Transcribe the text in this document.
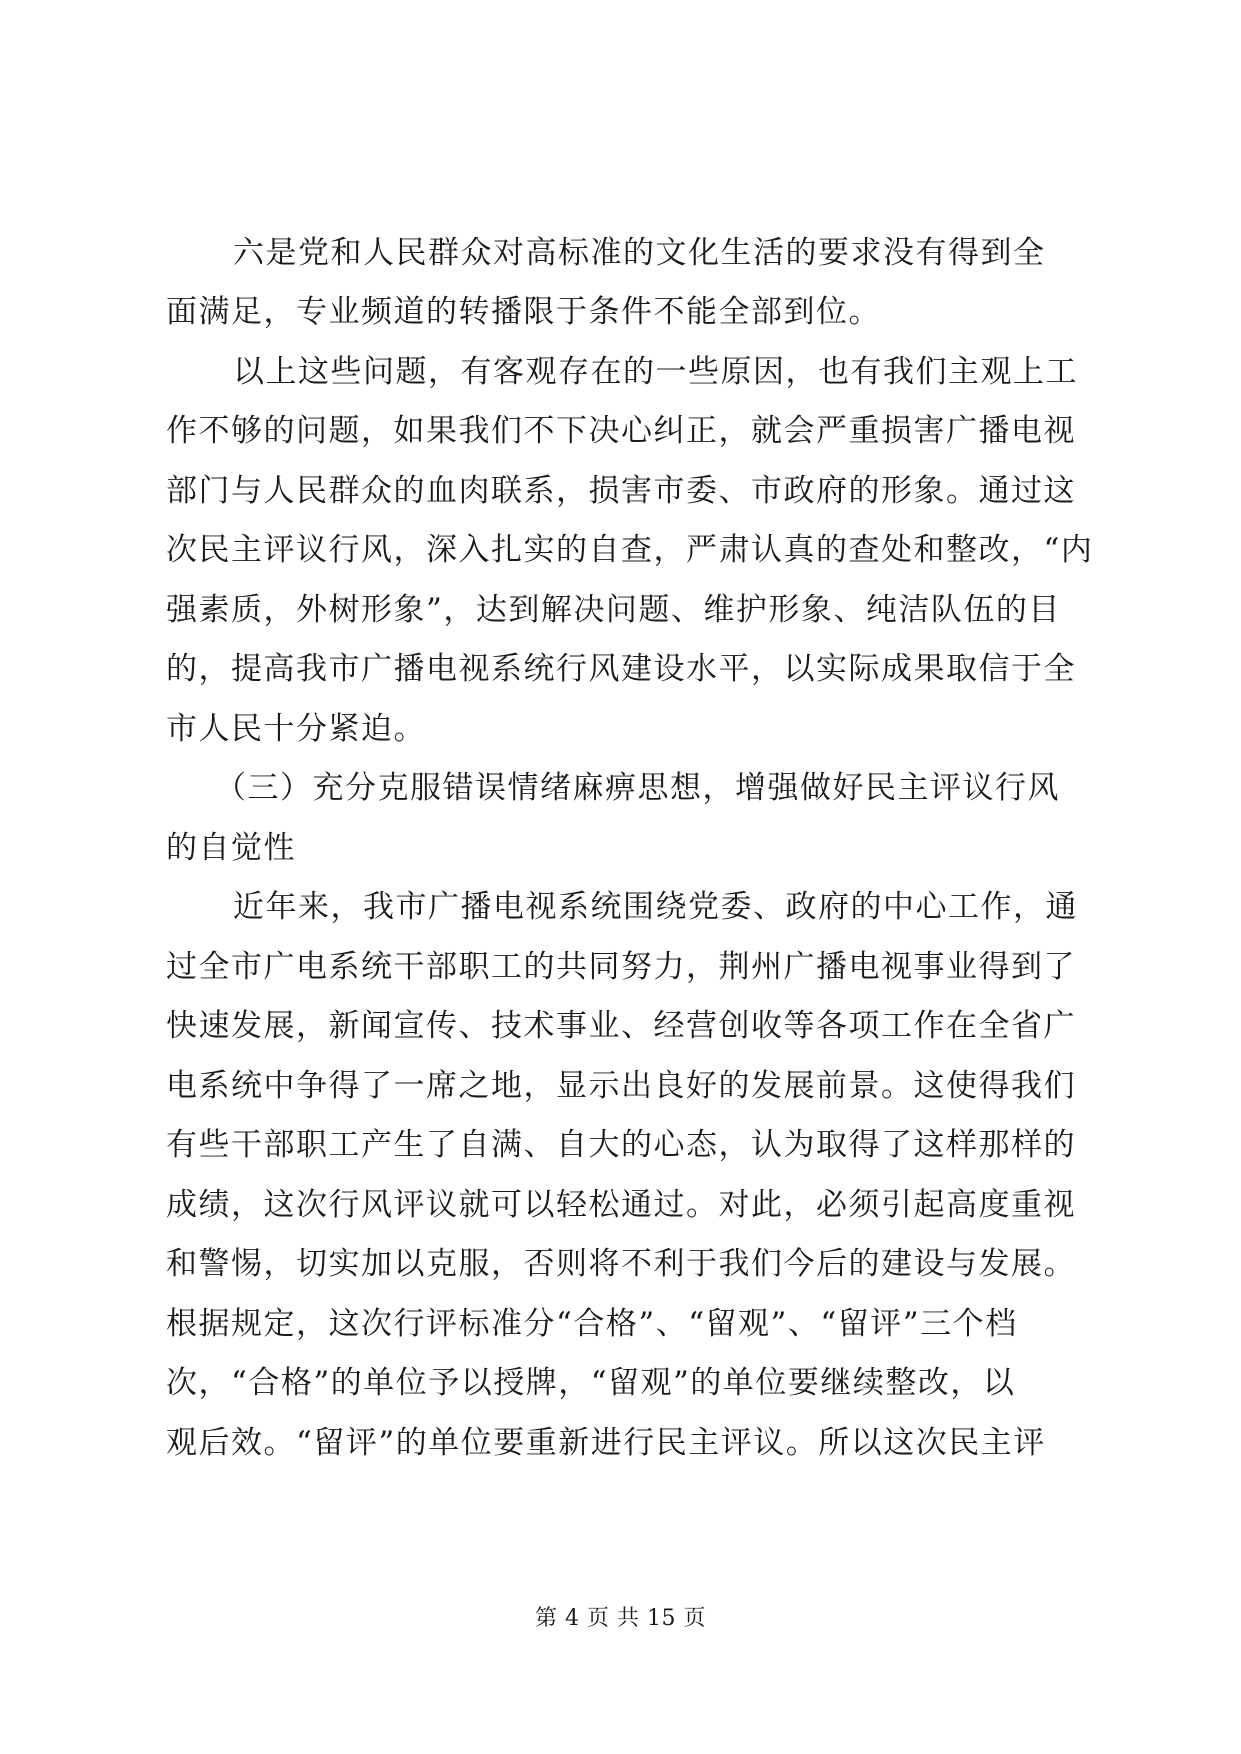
六是党和人民群众对高标准的文化生活的要求没有得到全
面满足，专业频道的转播限于条件不能全部到位。
以上这些问题，有客观存在的一些原因，也有我们主观上工
作不够的问题，如果我们不下决心纠正，就会严重损害广播电视
部门与人民群众的血肉联系，损害市委、市政府的形象。通过这
次民主评议行风，深入扎实的自查，严肃认真的查处和整改，“内
强素质，外树形象”，达到解决问题、维护形象、纯洁队伍的目
的，提高我市广播电视系统行风建设水平，以实际成果取信于全
市人民十分紧迫。
（三）充分克服错误情绪麻痹思想，增强做好民主评议行风
的自觉性
近年来，我市广播电视系统围绕党委、政府的中心工作，通
过全市广电系统干部职工的共同努力，荆州广播电视事业得到了
快速发展，新闻宣传、技术事业、经营创收等各项工作在全省广
电系统中争得了一席之地，显示出良好的发展前景。这使得我们
有些干部职工产生了自满、自大的心态，认为取得了这样那样的
成绩，这次行风评议就可以轻松通过。对此，必须引起高度重视
和警惕，切实加以克服，否则将不利于我们今后的建设与发展。
根据规定，这次行评标准分“合格”、“留观”、“留评”三个档
次，“合格”的单位予以授牌，“留观”的单位要继续整改，以
观后效。“留评”的单位要重新进行民主评议。所以这次民主评
第 4 页 共 15 页
